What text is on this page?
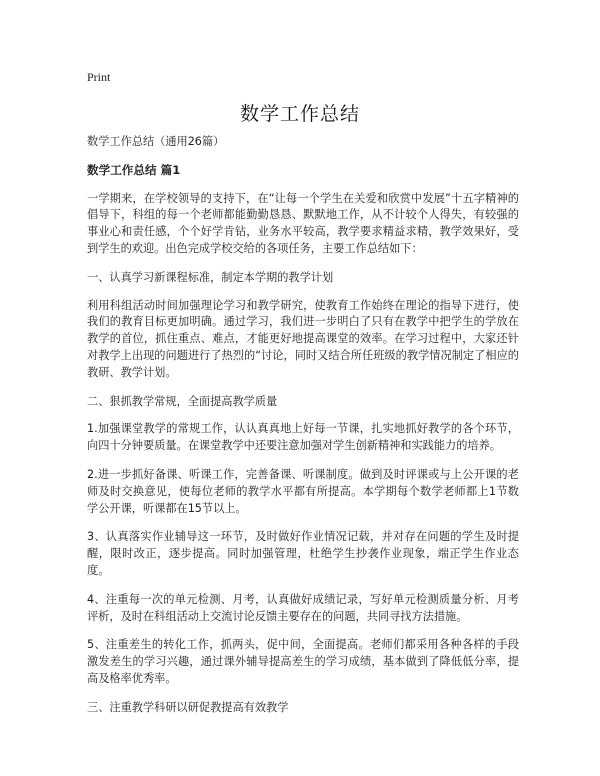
Print
数学工作总结

数学工作总结（通用26篇）

数学工作总结 篇1

一学期来，在学校领导的支持下，在“让每一个学生在关爱和欣赏中发展”十五字精神的倡导下，科组的每一个老师都能勤勤恳恳、默默地工作，从不计较个人得失，有较强的事业心和责任感，个个好学肯钻，业务水平较高，教学要求精益求精，教学效果好，受到学生的欢迎。出色完成学校交给的各项任务，主要工作总结如下：

一、认真学习新课程标准，制定本学期的教学计划

利用科组活动时间加强理论学习和教学研究，使教育工作始终在理论的指导下进行，使我们的教育目标更加明确。通过学习，我们进一步明白了只有在教学中把学生的学放在教学的首位，抓住重点、难点，才能更好地提高课堂的效率。在学习过程中，大家还针对教学上出现的问题进行了热烈的“讨论，同时又结合所任班级的教学情况制定了相应的教研、教学计划。

二、狠抓教学常规，全面提高教学质量

1.加强课堂教学的常规工作，认认真真地上好每一节课，扎实地抓好教学的各个环节，向四十分钟要质量。在课堂教学中还要注意加强对学生创新精神和实践能力的培养。

2.进一步抓好备课、听课工作，完善备课、听课制度。做到及时评课或与上公开课的老师及时交换意见，使每位老师的教学水平都有所提高。本学期每个数学老师都上1节数学公开课，听课都在15节以上。

3、认真落实作业辅导这一环节，及时做好作业情况记载，并对存在问题的学生及时提醒，限时改正，逐步提高。同时加强管理，杜绝学生抄袭作业现象，端正学生作业态度。

4、注重每一次的单元检测、月考，认真做好成绩记录，写好单元检测质量分析、月考评析，及时在科组活动上交流讨论反馈主要存在的问题，共同寻找方法措施。

5、注重差生的转化工作，抓两头，促中间，全面提高。老师们都采用各种各样的手段激发差生的学习兴趣，通过课外辅导提高差生的学习成绩，基本做到了降低低分率，提高及格率优秀率。

三、注重教学科研以研促教提高有效教学
